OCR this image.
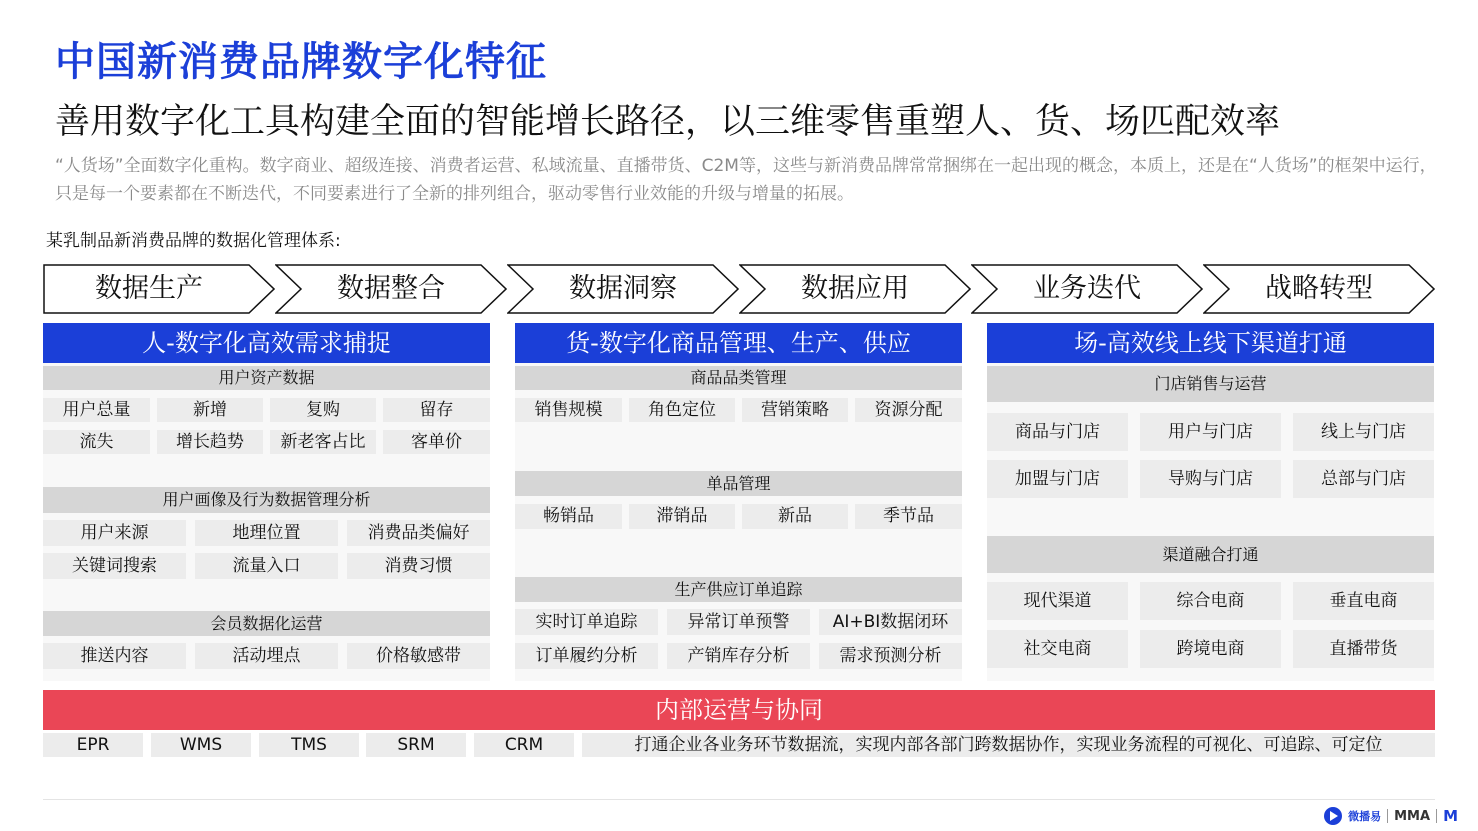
中国新消费品牌数字化特征
善用数字化工具构建全面的智能增长路径，以三维零售重塑人、货、场匹配效率
“人货场”全面数字化重构。数字商业、超级连接、消费者运营、私域流量、直播带货、C2M等，这些与新消费品牌常常捆绑在一起出现的概念，本质上，还是在“人货场”的框架中运行，只是每一个要素都在不断迭代，不同要素进行了全新的排列组合，驱动零售行业效能的升级与增量的拓展。
某乳制品新消费品牌的数据化管理体系:
数据生产	数据整合	数据洞察	数据应用	业务迭代	战略转型
人-数字化高效需求捕捉
用户资产数据
用户总量	新增	复购	留存
流失	增长趋势	新老客占比	客单价
用户画像及行为数据管理分析
用户来源	地理位置	消费品类偏好
关键词搜索	流量入口	消费习惯
会员数据化运营
推送内容	活动埋点	价格敏感带
货-数字化商品管理、生产、供应
商品品类管理
销售规模	角色定位	营销策略	资源分配
单品管理
畅销品	滞销品	新品	季节品
生产供应订单追踪
实时订单追踪	异常订单预警	AI+BI数据闭环
订单履约分析	产销库存分析	需求预测分析
场-高效线上线下渠道打通
门店销售与运营
商品与门店	用户与门店	线上与门店
加盟与门店	导购与门店	总部与门店
渠道融合打通
现代渠道	综合电商	垂直电商
社交电商	跨境电商	直播带货
内部运营与协同
EPR	WMS	TMS	SRM	CRM	打通企业各业务环节数据流，实现内部各部门跨数据协作，实现业务流程的可视化、可追踪、可定位
微播易 MMA M
